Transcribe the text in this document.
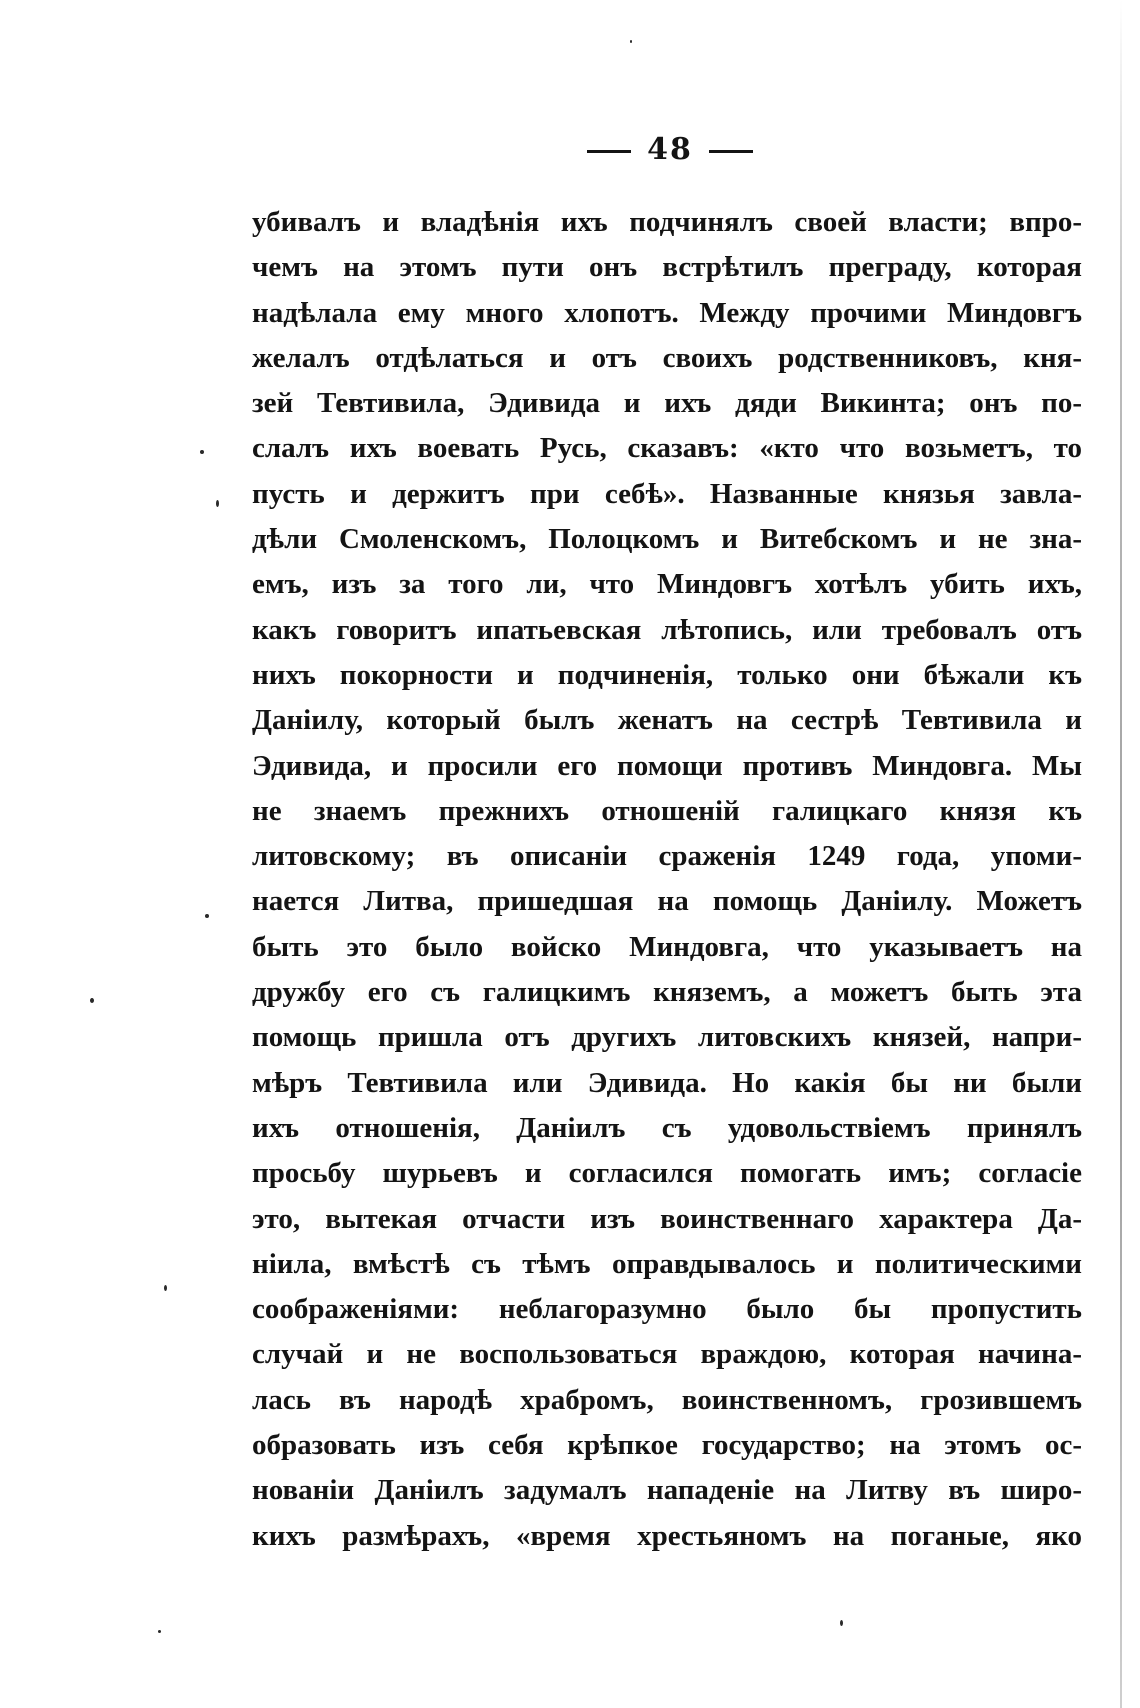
48
убивалъ и владѣнія ихъ подчинялъ своей власти; впро-
чемъ на этомъ пути онъ встрѣтилъ преграду, которая
надѣлала ему много хлопотъ. Между прочими Миндовгъ
желалъ отдѣлаться и отъ своихъ родственниковъ, кня-
зей Тевтивила, Эдивида и ихъ дяди Викинта; онъ по-
слалъ ихъ воевать Русь, сказавъ: «кто что возьметъ, то
пусть и держитъ при себѣ». Названные князья завла-
дѣли Смоленскомъ, Полоцкомъ и Витебскомъ и не зна-
емъ, изъ за того ли, что Миндовгъ хотѣлъ убить ихъ,
какъ говоритъ ипатьевская лѣтопись, или требовалъ отъ
нихъ покорности и подчиненія, только они бѣжали къ
Даніилу, который былъ женатъ на сестрѣ Тевтивила и
Эдивида, и просили его помощи противъ Миндовга. Мы
не знаемъ прежнихъ отношеній галицкаго князя къ
литовскому; въ описаніи сраженія 1249 года, упоми-
нается Литва, пришедшая на помощь Даніилу. Можетъ
быть это было войско Миндовга, что указываетъ на
дружбу его съ галицкимъ княземъ, а можетъ быть эта
помощь пришла отъ другихъ литовскихъ князей, напри-
мѣръ Тевтивила или Эдивида. Но какія бы ни были
ихъ отношенія, Даніилъ съ удовольствіемъ принялъ
просьбу шурьевъ и согласился помогать имъ; согласіе
это, вытекая отчасти изъ воинственнаго характера Да-
ніила, вмѣстѣ съ тѣмъ оправдывалось и политическими
соображеніями: неблагоразумно было бы пропустить
случай и не воспользоваться враждою, которая начина-
лась въ народѣ храбромъ, воинственномъ, грозившемъ
образовать изъ себя крѣпкое государство; на этомъ ос-
нованіи Даніилъ задумалъ нападеніе на Литву въ широ-
кихъ размѣрахъ, «время хрестьяномъ на поганые, яко
